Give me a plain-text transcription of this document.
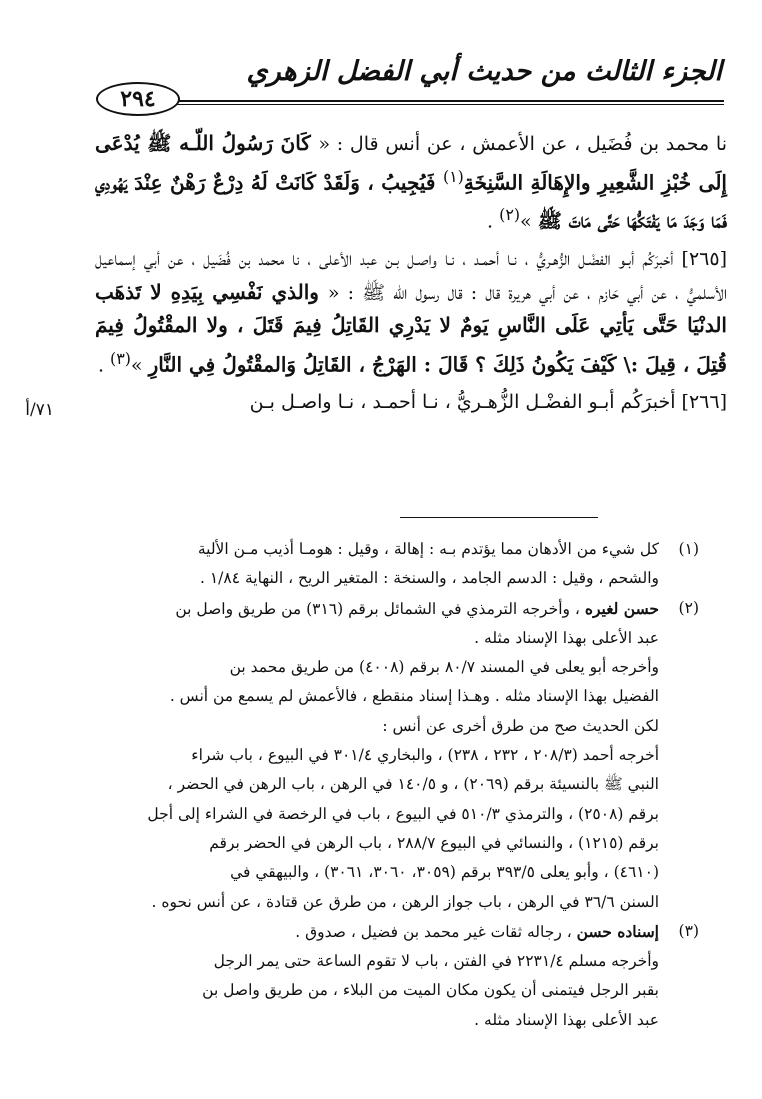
الجزء الثالث من حديث أبي الفضل الزهري
٢٩٤

نا محمد بن فُضَيل ، عن الأعمش ، عن أنس قال : « كَانَ رَسُولُ اللّـه ﷺ يُدْعَى إِلَى خُبْزِ الشَّعِيرِ والإِهَالَةِ السَّنِخَةِ$^{(١)}$ فَيُجِيبُ ، وَلَقَدْ كَانَتْ لَهُ دِرْعٌ رَهْنٌ عِنْدَ يَهُودِي فَمَا وَجَدَ مَا يَفْتَكُّهَا حَتَّى مَاتَ ﷺ »$^{(٢)}$ .

[٢٦٥] أخبرَكُم أبـو الفضْـل الزُّهـريُّ ، نـا أحمـد ، نـا واصـل بـن عبد الأعلى ، نا محمد بن فُضَيل ، عن أبي إسماعيل الأسلميُّ ، عن أبي حَازم ، عن أبي هريرة قال : قال رسول اللّه ﷺ : « والذي نَفْسِي بِيَدِهِ لا تَذهَب الدنْيَا حَتَّى يَأتِي عَلَى النَّاسِ يَومٌ لا يَدْرِي القَاتِلُ فِيمَ قَتَلَ ، ولا المقْتُولُ فِيمَ قُتِلَ ، قِيلَ :\ كَيْفَ يَكُونُ ذَلِكَ ؟ قَالَ : الهَرْجُ ، القَاتِلُ وَالمقْتُولُ فِي النَّارِ »$^{(٣)}$ .

[٢٦٦] أخبرَكُم أبـو الفضْـل الزُّهـريُّ ، نـا أحمـد ، نـا واصـل بـن

٧١/أ
(١)
كل شيء من الأدهان مما يؤتدم بـه : إهالة ، وقيل : هومـا أذيب مـن الألية
والشحم ، وقيل : الدسم الجامد ، والسنخة : المتغير الريح ، النهاية ١/٨٤ .
(٢)
حسن لغيره ، وأخرجه الترمذي في الشمائل برقم (٣١٦) من طريق واصل بن
عبد الأعلى بهذا الإسناد مثله .
وأخرجه أبو يعلى في المسند ٨٠/٧ برقم (٤٠٠٨) من طريق محمد بن
الفضيل بهذا الإسناد مثله . وهـذا إسناد منقطع ، فالأعمش لم يسمع من أنس .
لكن الحديث صح من طرق أخرى عن أنس :
أخرجه أحمد (٢٠٨/٣ ، ٢٣٢ ، ٢٣٨) ، والبخاري ٣٠١/٤ في البيوع ، باب شراء
النبي ﷺ بالنسيئة برقم (٢٠٦٩) ، و ١٤٠/٥ في الرهن ، باب الرهن في الحضر ،
برقم (٢٥٠٨) ، والترمذي ٥١٠/٣ في البيوع ، باب في الرخصة في الشراء إلى أجل
برقم (١٢١٥) ، والنسائي في البيوع ٢٨٨/٧ ، باب الرهن في الحضر برقم
(٤٦١٠) ، وأبو يعلى ٣٩٣/٥ برقم (٣٠٥٩، ٣٠٦٠، ٣٠٦١) ، والبيهقي في
السنن ٣٦/٦ في الرهن ، باب جواز الرهن ، من طرق عن قتادة ، عن أنس نحوه .
(٣)
إسناده حسن ، رجاله ثقات غير محمد بن فضيل ، صدوق .
وأخرجه مسلم ٢٢٣١/٤ في الفتن ، باب لا تقوم الساعة حتى يمر الرجل
بقبر الرجل فيتمنى أن يكون مكان الميت من البلاء ، من طريق واصل بن
عبد الأعلى بهذا الإسناد مثله .
